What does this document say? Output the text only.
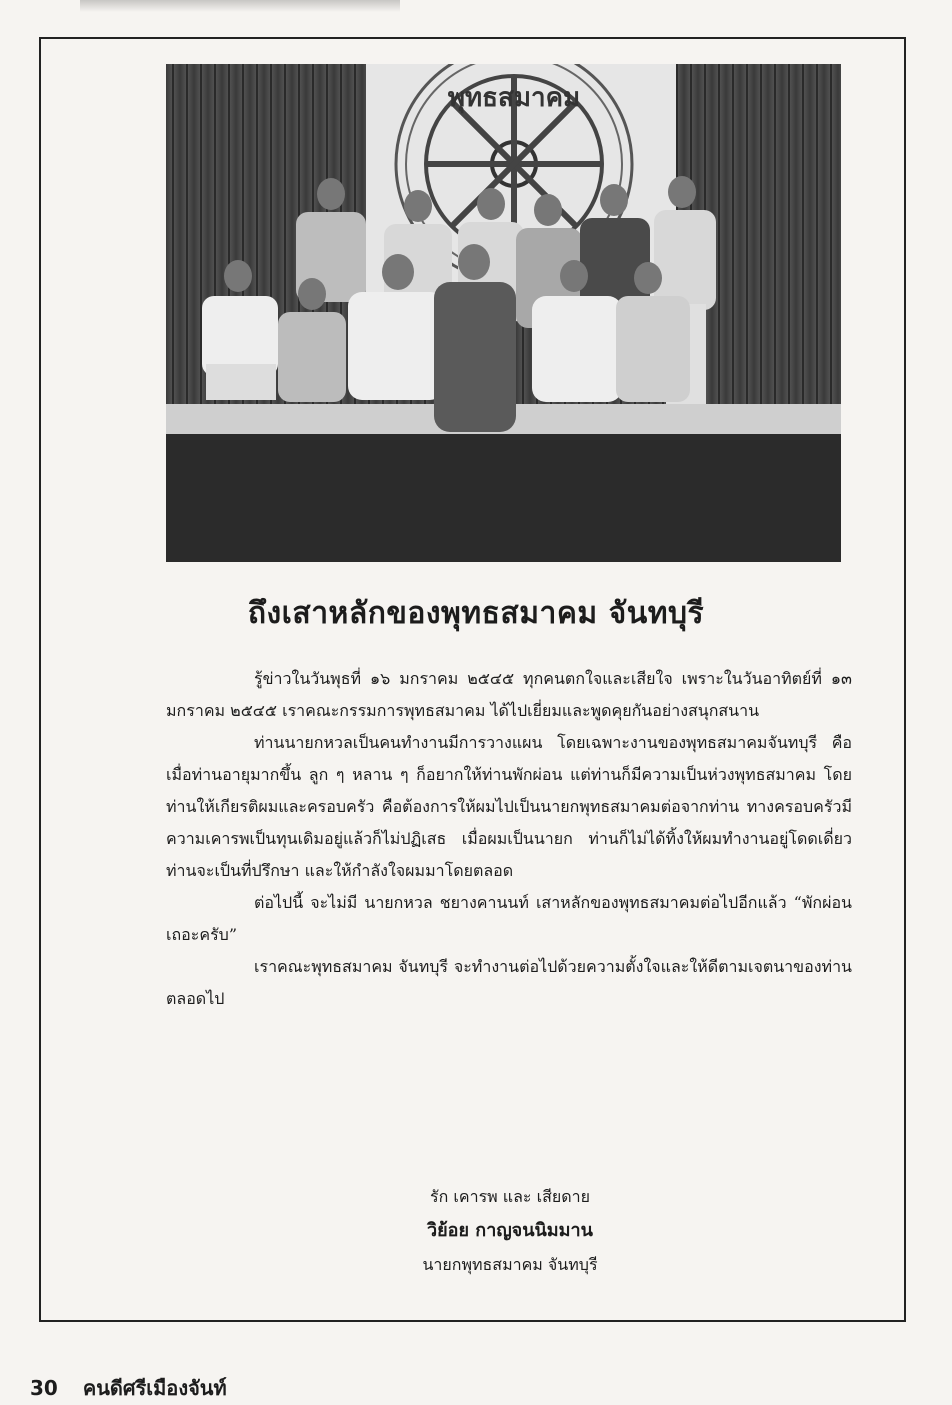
พุทธสมาคม
ถึงเสาหลักของพุทธสมาคม จันทบุรี

รู้ข่าวในวันพุธที่ ๑๖ มกราคม ๒๕๔๕ ทุกคนตกใจและเสียใจ เพราะในวันอาทิตย์ที่ ๑๓ มกราคม ๒๕๔๕ เราคณะกรรมการพุทธสมาคม ได้ไปเยี่ยมและพูดคุยกันอย่างสนุกสนาน

ท่านนายกหวลเป็นคนทำงานมีการวางแผน โดยเฉพาะงานของพุทธสมาคมจันทบุรี คือเมื่อท่านอายุมากขึ้น ลูก ๆ หลาน ๆ ก็อยากให้ท่านพักผ่อน แต่ท่านก็มีความเป็นห่วงพุทธสมาคม โดยท่านให้เกียรติผมและครอบครัว คือต้องการให้ผมไปเป็นนายกพุทธสมาคมต่อจากท่าน ทางครอบครัวมีความเคารพเป็นทุนเดิมอยู่แล้วก็ไม่ปฏิเสธ เมื่อผมเป็นนายก ท่านก็ไม่ได้ทิ้งให้ผมทำงานอยู่โดดเดี่ยว ท่านจะเป็นที่ปรึกษา และให้กำลังใจผมมาโดยตลอด

ต่อไปนี้ จะไม่มี นายกหวล ชยางคานนท์ เสาหลักของพุทธสมาคมต่อไปอีกแล้ว “พักผ่อนเถอะครับ”

เราคณะพุทธสมาคม จันทบุรี จะทำงานต่อไปด้วยความตั้งใจและให้ดีตามเจตนาของท่านตลอดไป

รัก เคารพ และ เสียดาย
วิย้อย กาญจนนิมมาน
นายกพุทธสมาคม จันทบุรี
30 คนดีศรีเมืองจันท์
